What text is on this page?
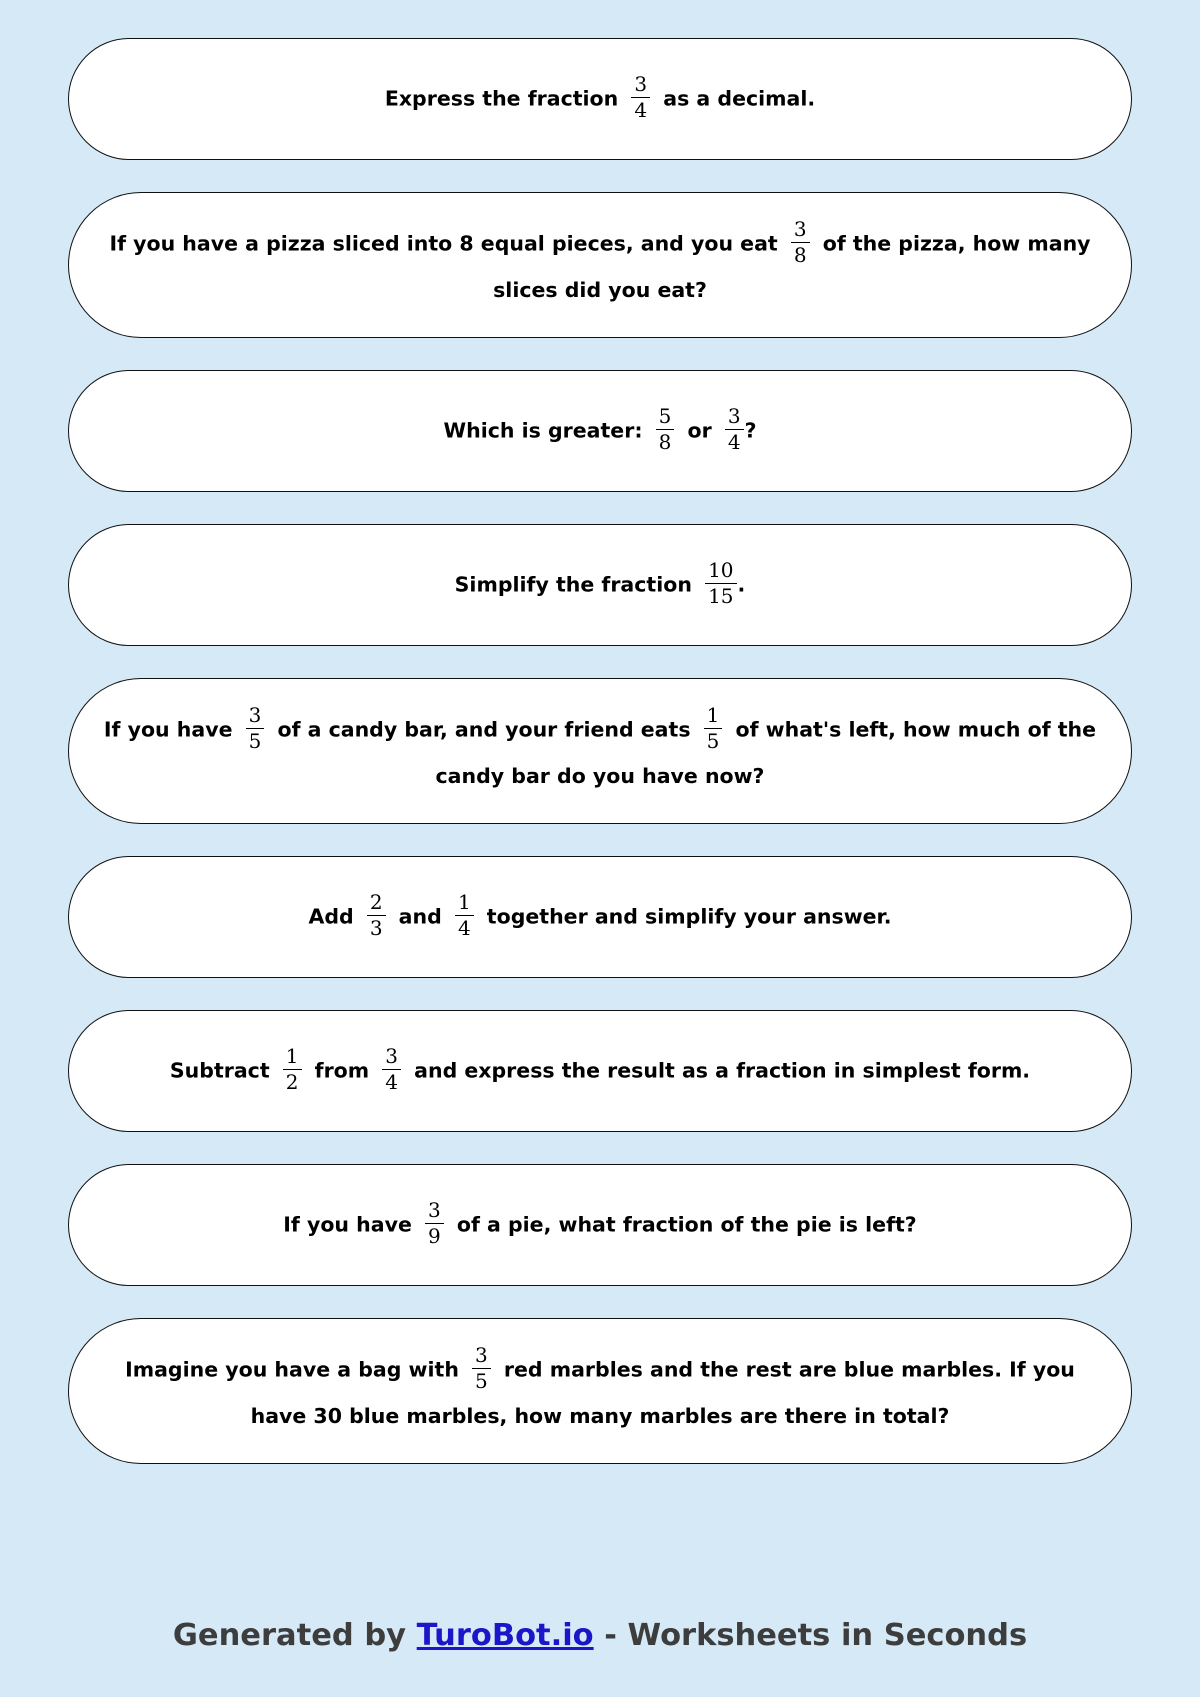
Express the fraction $\frac{3}{4}$ as a decimal.
If you have a pizza sliced into 8 equal pieces, and you eat $\frac{3}{8}$ of the pizza, how many slices did you eat?
Which is greater: $\frac{5}{8}$ or $\frac{3}{4}$ ?
Simplify the fraction $\frac{10}{15}$ .
If you have $\frac{3}{5}$ of a candy bar, and your friend eats $\frac{1}{5}$ of what's left, how much of the candy bar do you have now?
Add $\frac{2}{3}$ and $\frac{1}{4}$ together and simplify your answer.
Subtract $\frac{1}{2}$ from $\frac{3}{4}$ and express the result as a fraction in simplest form.
If you have $\frac{3}{9}$ of a pie, what fraction of the pie is left?
Imagine you have a bag with $\frac{3}{5}$ red marbles and the rest are blue marbles. If you have 30 blue marbles, how many marbles are there in total?
Generated by TuroBot.io - Worksheets in Seconds
